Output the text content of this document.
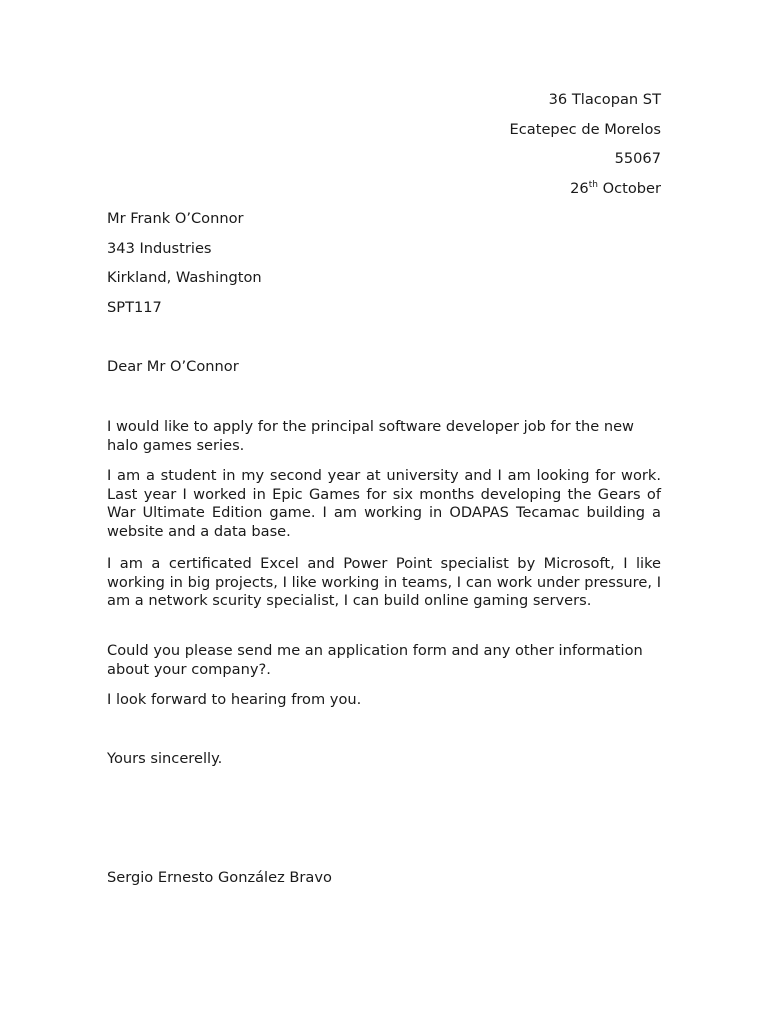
36 Tlacopan ST
Ecatepec de Morelos
55067
26th October
Mr Frank O’Connor
343 Industries
Kirkland, Washington
SPT117
Dear Mr O’Connor
I would like to apply for the principal software developer job for the new halo games series.
I am a student in my second year at university and I am looking for work. Last year I worked in Epic Games for six months developing the Gears of War Ultimate Edition game. I am working in ODAPAS Tecamac building a website and a data base.
I am a certificated Excel and Power Point specialist by Microsoft, I like working in big projects, I like working in teams, I can work under pressure, I am a network scurity specialist, I can build online gaming servers.
Could you please send me an application form and any other information about your company?.
I look forward to hearing from you.
Yours sincerelly.
Sergio Ernesto González Bravo
